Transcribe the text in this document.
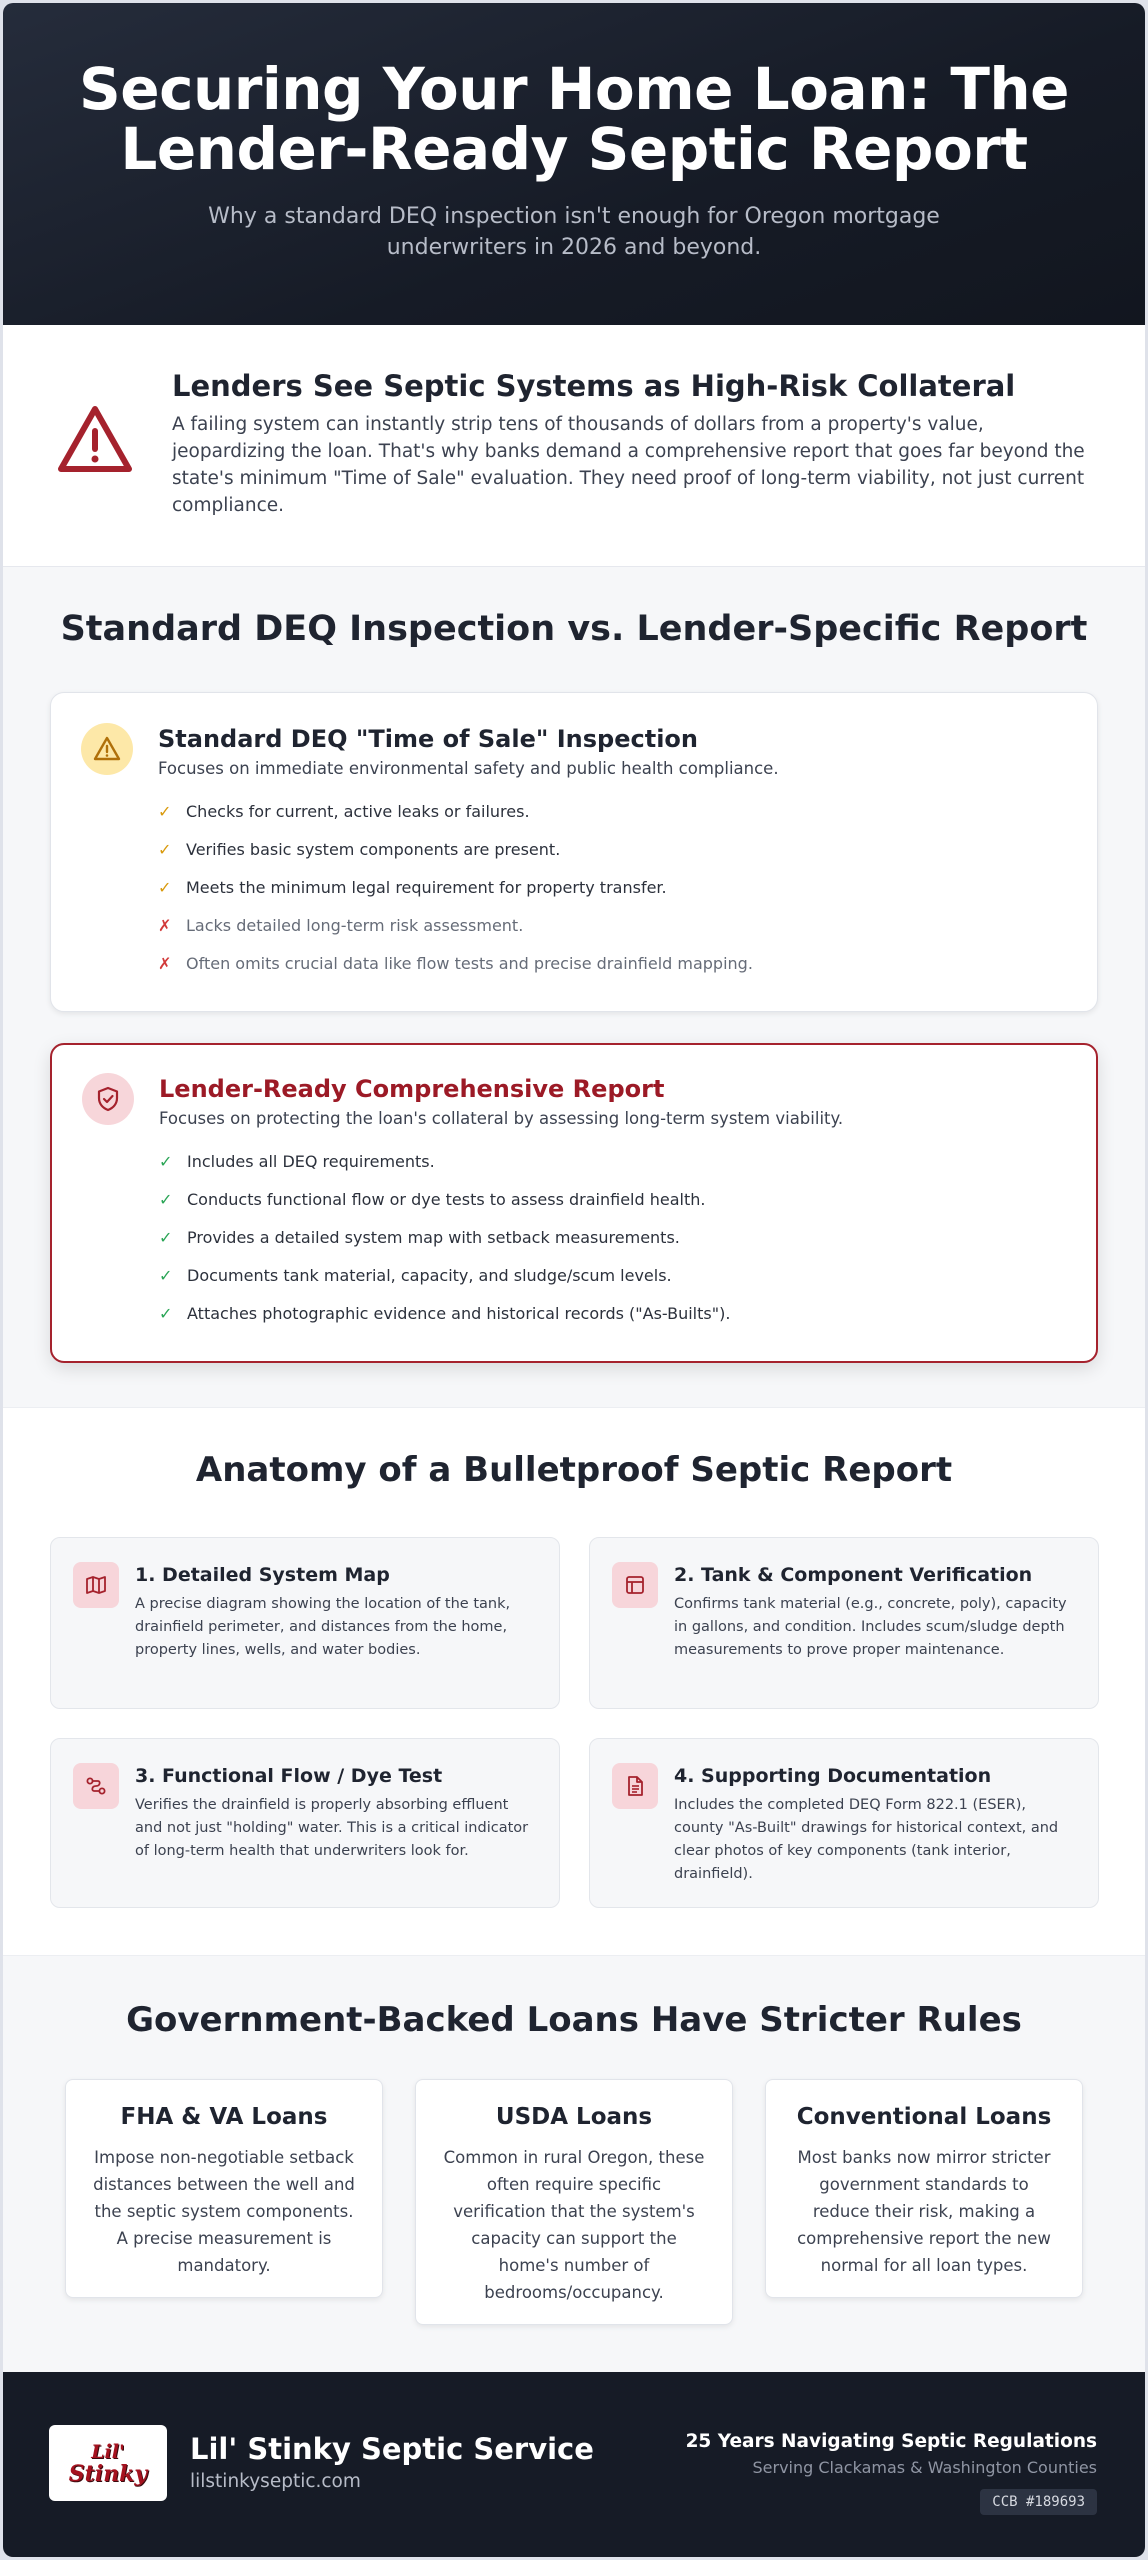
Securing Your Home Loan: The Lender-Ready Septic Report

Why a standard DEQ inspection isn't enough for Oregon mortgage underwriters in 2026 and beyond.

Lenders See Septic Systems as High-Risk Collateral

A failing system can instantly strip tens of thousands of dollars from a property's value, jeopardizing the loan. That's why banks demand a comprehensive report that goes far beyond the state's minimum "Time of Sale" evaluation. They need proof of long-term viability, not just current compliance.

Standard DEQ Inspection vs. Lender-Specific Report
Standard DEQ "Time of Sale" Inspection
Focuses on immediate environmental safety and public health compliance.
✓ Checks for current, active leaks or failures.
✓ Verifies basic system components are present.
✓ Meets the minimum legal requirement for property transfer.
✗ Lacks detailed long-term risk assessment.
✗ Often omits crucial data like flow tests and precise drainfield mapping.
Lender-Ready Comprehensive Report
Focuses on protecting the loan's collateral by assessing long-term system viability.
✓ Includes all DEQ requirements.
✓ Conducts functional flow or dye tests to assess drainfield health.
✓ Provides a detailed system map with setback measurements.
✓ Documents tank material, capacity, and sludge/scum levels.
✓ Attaches photographic evidence and historical records ("As-Builts").
Anatomy of a Bulletproof Septic Report
1. Detailed System Map
A precise diagram showing the location of the tank, drainfield perimeter, and distances from the home, property lines, wells, and water bodies.
2. Tank & Component Verification
Confirms tank material (e.g., concrete, poly), capacity in gallons, and condition. Includes scum/sludge depth measurements to prove proper maintenance.
3. Functional Flow / Dye Test
Verifies the drainfield is properly absorbing effluent and not just "holding" water. This is a critical indicator of long-term health that underwriters look for.
4. Supporting Documentation
Includes the completed DEQ Form 822.1 (ESER), county "As-Built" drawings for historical context, and clear photos of key components (tank interior, drainfield).
Government-Backed Loans Have Stricter Rules
FHA & VA Loans
Impose non-negotiable setback distances between the well and the septic system components. A precise measurement is mandatory.
USDA Loans
Common in rural Oregon, these often require specific verification that the system's capacity can support the home's number of bedrooms/occupancy.
Conventional Loans
Most banks now mirror stricter government standards to reduce their risk, making a comprehensive report the new normal for all loan types.
Lil'
Stinky
Lil' Stinky Septic Service
lilstinkyseptic.com
25 Years Navigating Septic Regulations
Serving Clackamas & Washington Counties
CCB #189693
